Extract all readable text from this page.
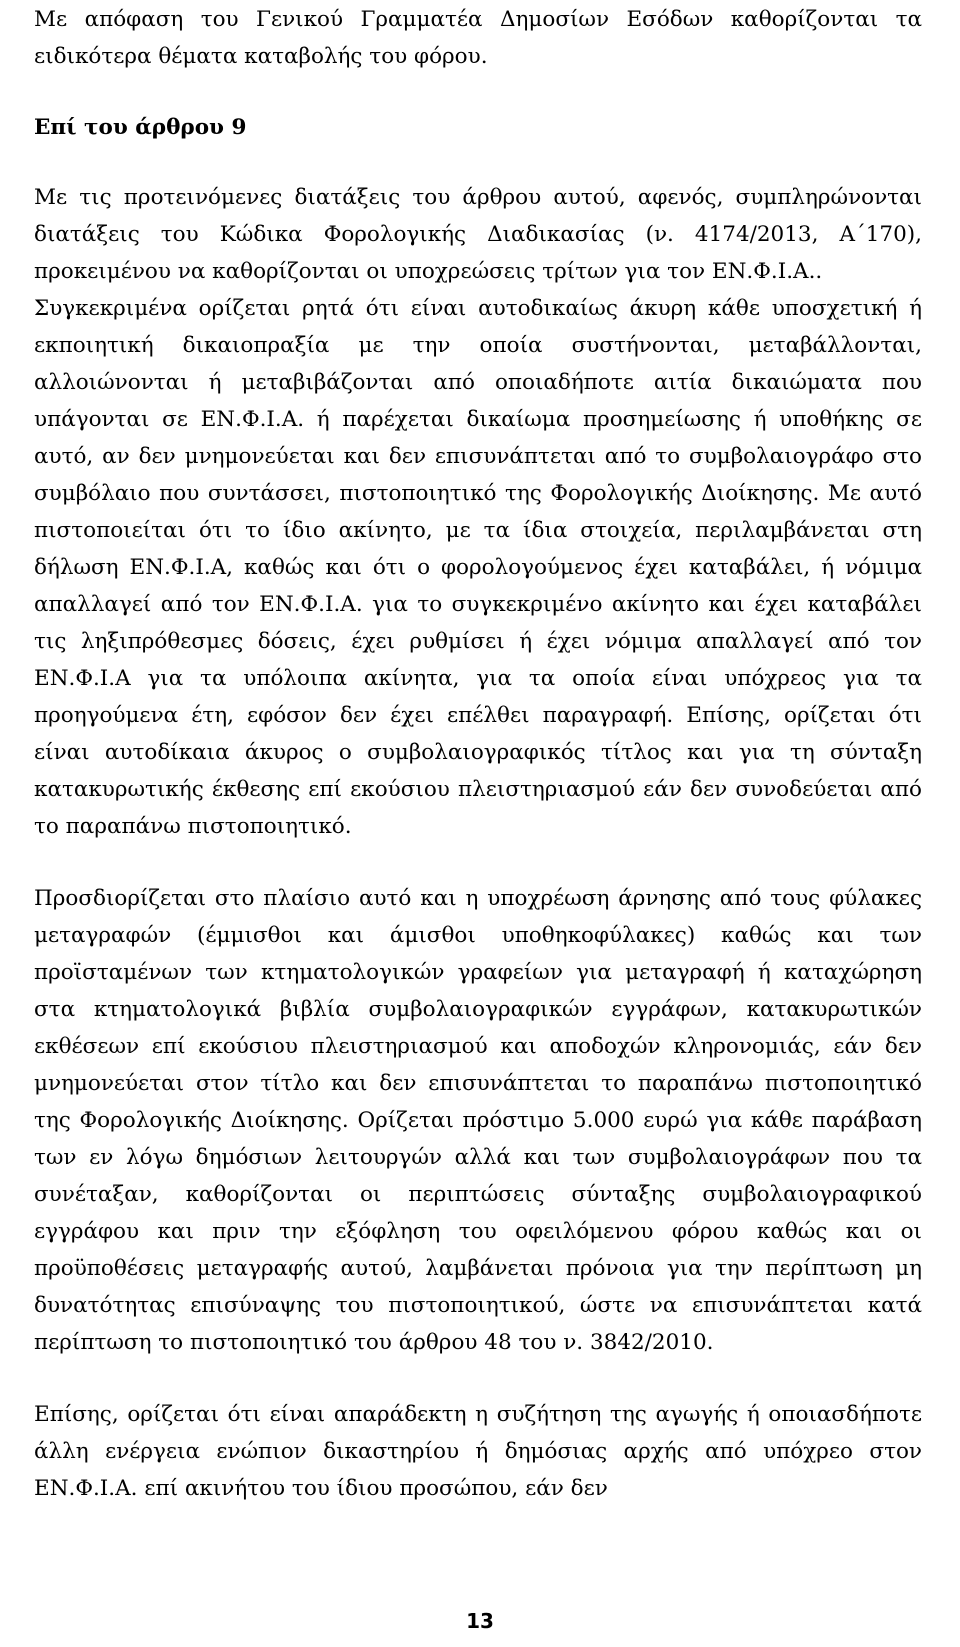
Με απόφαση του Γενικού Γραμματέα Δημοσίων Εσόδων καθορίζονται τα ειδικότερα θέματα καταβολής του φόρου.

Επί του άρθρου 9

Με τις προτεινόμενες διατάξεις του άρθρου αυτού, αφενός, συμπληρώνονται διατάξεις του Κώδικα Φορολογικής Διαδικασίας (ν. 4174/2013, Α΄170), προκειμένου να καθορίζονται οι υποχρεώσεις τρίτων για τον ΕΝ.Φ.Ι.Α..

Συγκεκριμένα ορίζεται ρητά ότι είναι αυτοδικαίως άκυρη κάθε υποσχετική ή εκποιητική δικαιοπραξία με την οποία συστήνονται, μεταβάλλονται, αλλοιώνονται ή μεταβιβάζονται από οποιαδήποτε αιτία δικαιώματα που υπάγονται σε ΕΝ.Φ.Ι.Α. ή παρέχεται δικαίωμα προσημείωσης ή υποθήκης σε αυτό, αν δεν μνημονεύεται και δεν επισυνάπτεται από το συμβολαιογράφο στο συμβόλαιο που συντάσσει, πιστοποιητικό της Φορολογικής Διοίκησης. Με αυτό πιστοποιείται ότι το ίδιο ακίνητο, με τα ίδια στοιχεία, περιλαμβάνεται στη δήλωση ΕΝ.Φ.Ι.Α, καθώς και ότι ο φορολογούμενος έχει καταβάλει, ή νόμιμα απαλλαγεί από τον ΕΝ.Φ.Ι.Α. για το συγκεκριμένο ακίνητο και έχει καταβάλει τις ληξιπρόθεσμες δόσεις, έχει ρυθμίσει ή έχει νόμιμα απαλλαγεί από τον ΕΝ.Φ.Ι.Α για τα υπόλοιπα ακίνητα, για τα οποία είναι υπόχρεος για τα προηγούμενα έτη, εφόσον δεν έχει επέλθει παραγραφή. Επίσης, ορίζεται ότι είναι αυτοδίκαια άκυρος ο συμβολαιογραφικός τίτλος και για τη σύνταξη κατακυρωτικής έκθεσης επί εκούσιου πλειστηριασμού εάν δεν συνοδεύεται από το παραπάνω πιστοποιητικό.

Προσδιορίζεται στο πλαίσιο αυτό και η υποχρέωση άρνησης από τους φύλακες μεταγραφών (έμμισθοι και άμισθοι υποθηκοφύλακες) καθώς και των προϊσταμένων των κτηματολογικών γραφείων για μεταγραφή ή καταχώρηση στα κτηματολογικά βιβλία συμβολαιογραφικών εγγράφων, κατακυρωτικών εκθέσεων επί εκούσιου πλειστηριασμού και αποδοχών κληρονομιάς, εάν δεν μνημονεύεται στον τίτλο και δεν επισυνάπτεται το παραπάνω πιστοποιητικό της Φορολογικής Διοίκησης. Ορίζεται πρόστιμο 5.000 ευρώ για κάθε παράβαση των εν λόγω δημόσιων λειτουργών αλλά και των συμβολαιογράφων που τα συνέταξαν, καθορίζονται οι περιπτώσεις σύνταξης συμβολαιογραφικού εγγράφου και πριν την εξόφληση του οφειλόμενου φόρου καθώς και οι προϋποθέσεις μεταγραφής αυτού, λαμβάνεται πρόνοια για την περίπτωση μη δυνατότητας επισύναψης του πιστοποιητικού, ώστε να επισυνάπτεται κατά περίπτωση το πιστοποιητικό του άρθρου 48 του ν. 3842/2010.

Επίσης, ορίζεται ότι είναι απαράδεκτη η συζήτηση της αγωγής ή οποιασδήποτε άλλη ενέργεια ενώπιον δικαστηρίου ή δημόσιας αρχής από υπόχρεο στον ΕΝ.Φ.Ι.Α. επί ακινήτου του ίδιου προσώπου, εάν δεν

13
